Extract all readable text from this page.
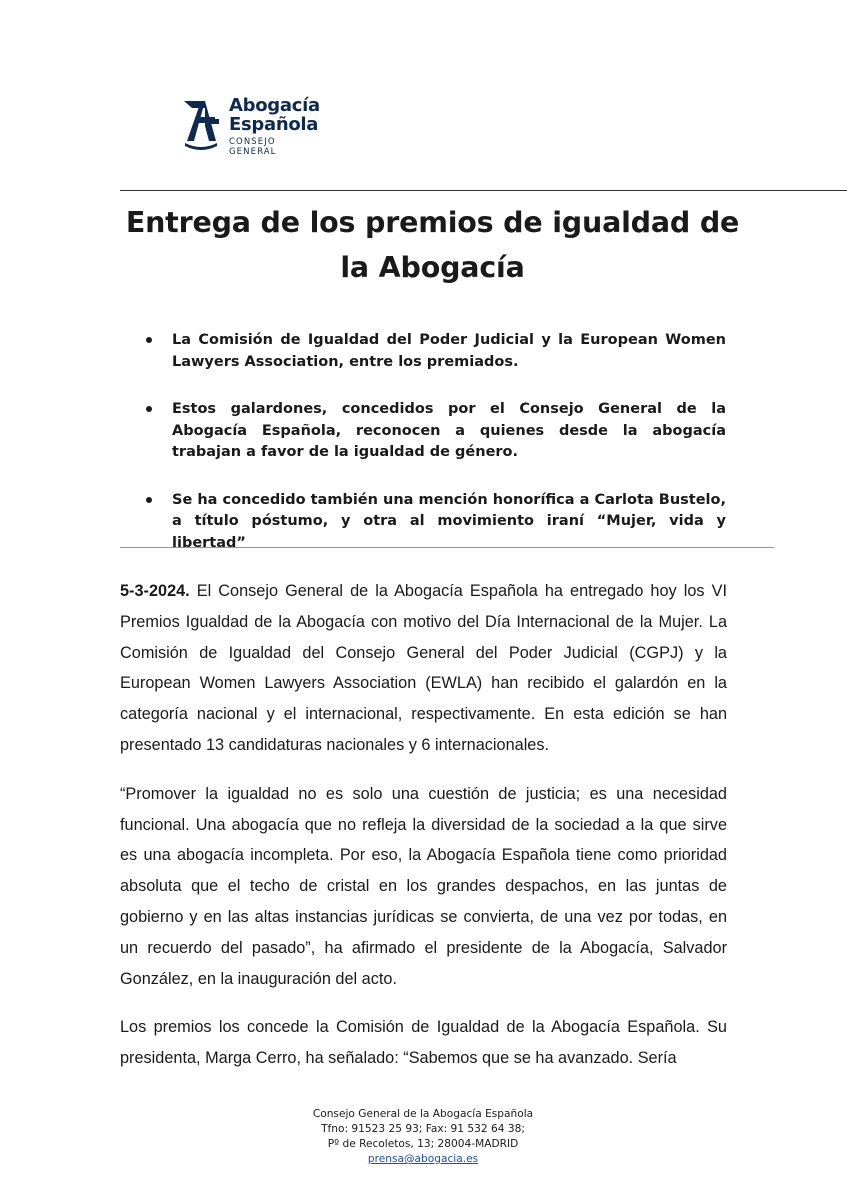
Abogacía
Española
CONSEJO GENERAL
Entrega de los premios de igualdad de la Abogacía
La Comisión de Igualdad del Poder Judicial y la European Women Lawyers Association, entre los premiados.
Estos galardones, concedidos por el Consejo General de la Abogacía Española, reconocen a quienes desde la abogacía trabajan a favor de la igualdad de género.
Se ha concedido también una mención honorífica a Carlota Bustelo, a título póstumo, y otra al movimiento iraní “Mujer, vida y libertad”

5-3-2024. El Consejo General de la Abogacía Española ha entregado hoy los VI Premios Igualdad de la Abogacía con motivo del Día Internacional de la Mujer. La Comisión de Igualdad del Consejo General del Poder Judicial (CGPJ) y la European Women Lawyers Association (EWLA) han recibido el galardón en la categoría nacional y el internacional, respectivamente. En esta edición se han presentado 13 candidaturas nacionales y 6 internacionales.

“Promover la igualdad no es solo una cuestión de justicia; es una necesidad funcional. Una abogacía que no refleja la diversidad de la sociedad a la que sirve es una abogacía incompleta. Por eso, la Abogacía Española tiene como prioridad absoluta que el techo de cristal en los grandes despachos, en las juntas de gobierno y en las altas instancias jurídicas se convierta, de una vez por todas, en un recuerdo del pasado”, ha afirmado el presidente de la Abogacía, Salvador González, en la inauguración del acto.

Los premios los concede la Comisión de Igualdad de la Abogacía Española. Su presidenta, Marga Cerro, ha señalado: “Sabemos que se ha avanzado. Sería

Consejo General de la Abogacía Española
Tfno: 91523 25 93; Fax: 91 532 64 38;
Pº de Recoletos, 13; 28004-MADRID
prensa@abogacia.es
